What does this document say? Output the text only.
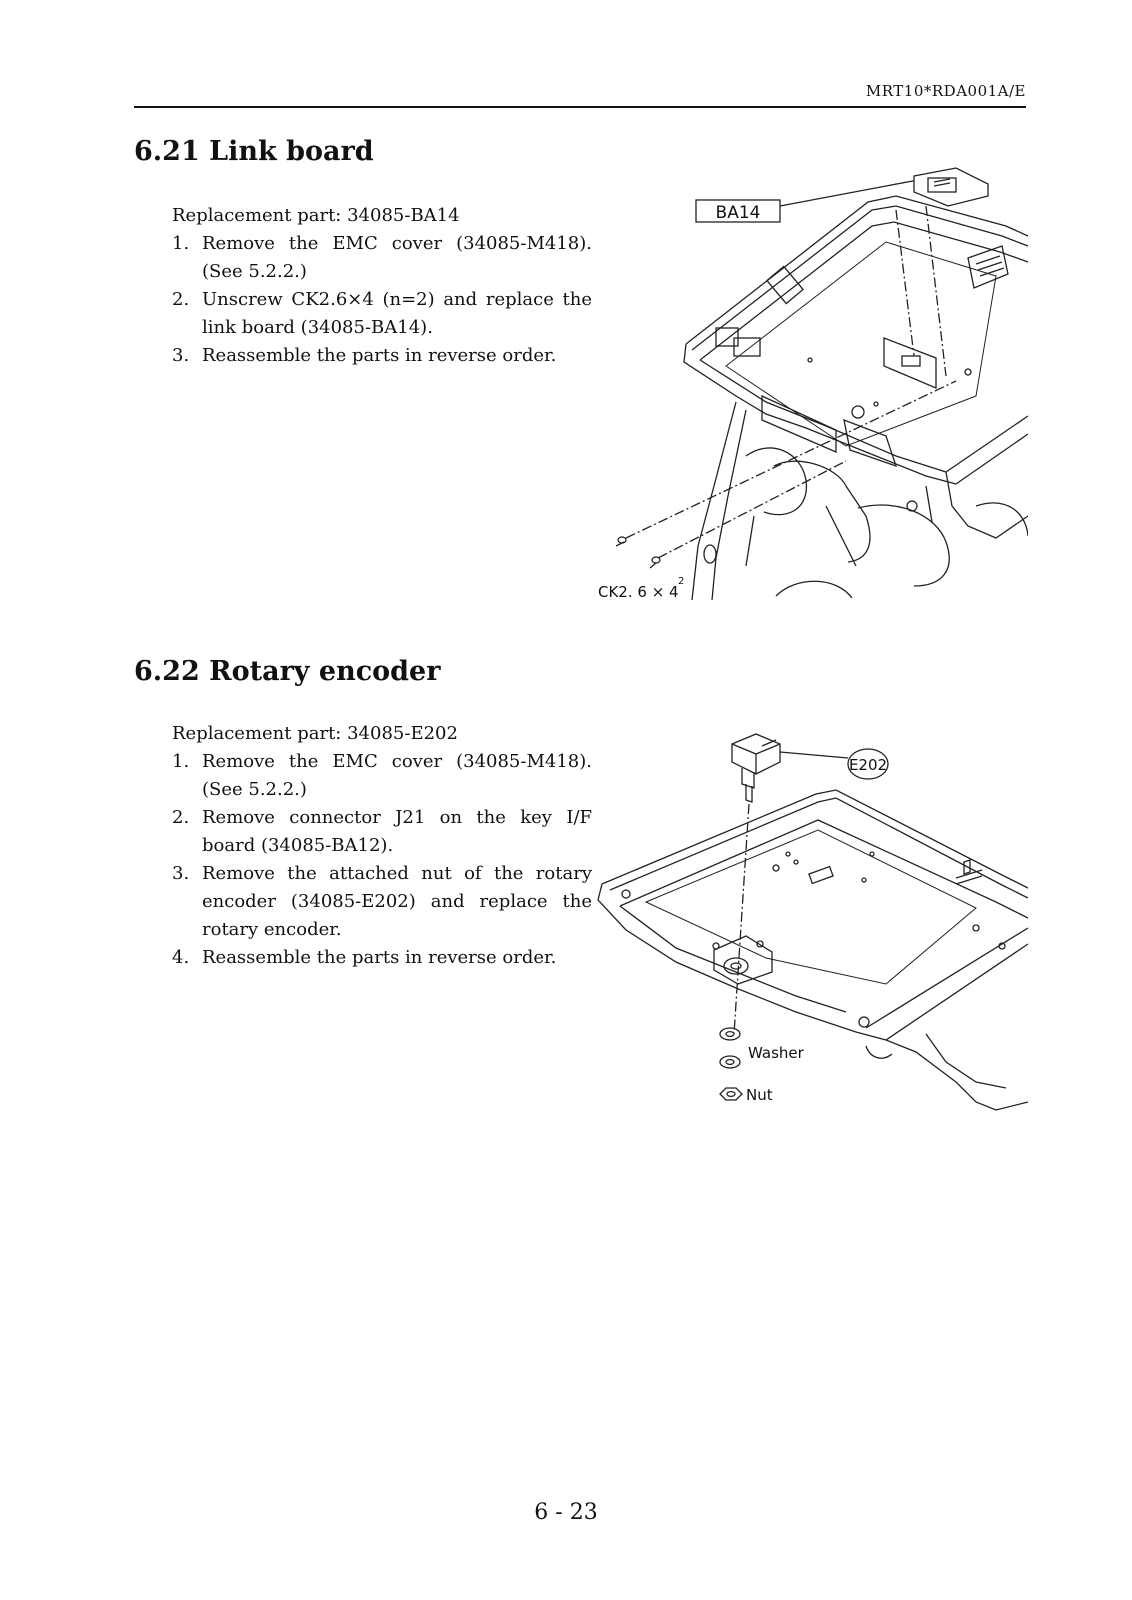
MRT10*RDA001A/E
6.21 Link board

Replacement part: 34085-BA14

1. Remove the EMC cover (34085-M418). (See 5.2.2.)
2. Unscrew CK2.6×4 (n=2) and replace the link board (34085-BA14).
3. Reassemble the parts in reverse order.
BA14
CK2. 6 × 4
2
6.22 Rotary encoder

Replacement part: 34085-E202

1. Remove the EMC cover (34085-M418). (See 5.2.2.)
2. Remove connector J21 on the key I/F board (34085-BA12).
3. Remove the attached nut of the rotary encoder (34085-E202) and replace the rotary encoder.
4. Reassemble the parts in reverse order.
E202
Washer
Nut
6 - 23
